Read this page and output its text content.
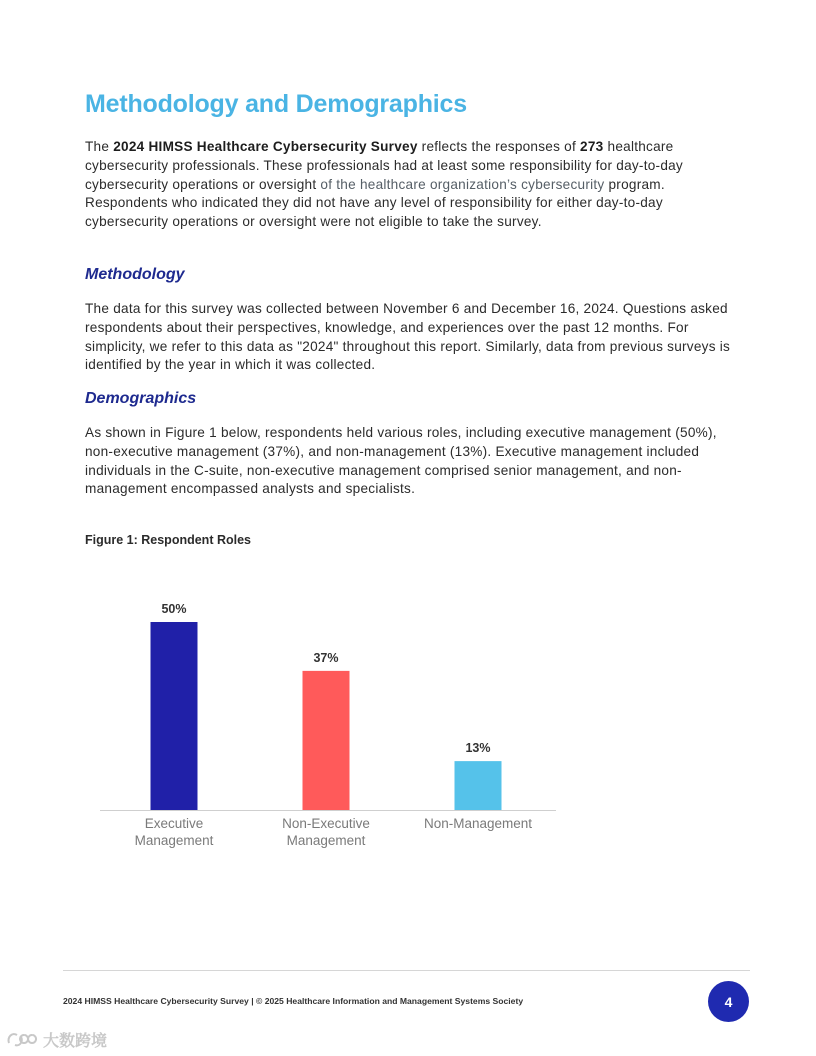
Methodology and Demographics

The 2024 HIMSS Healthcare Cybersecurity Survey reflects the responses of 273 healthcare cybersecurity professionals. These professionals had at least some responsibility for day-to-day cybersecurity operations or oversight of the healthcare organization’s cybersecurity program. Respondents who indicated they did not have any level of responsibility for either day-to-day cybersecurity operations or oversight were not eligible to take the survey.

Methodology

The data for this survey was collected between November 6 and December 16, 2024. Questions asked respondents about their perspectives, knowledge, and experiences over the past 12 months. For simplicity, we refer to this data as "2024" throughout this report. Similarly, data from previous surveys is identified by the year in which it was collected.

Demographics

As shown in Figure 1 below, respondents held various roles, including executive management (50%), non-executive management (37%), and non-management (13%). Executive management included individuals in the C-suite, non-executive management comprised senior management, and non-management encompassed analysts and specialists.

Figure 1: Respondent Roles

50%
Executive
Management
37%
Non-Executive
Management
13%
Non-Management
2024 HIMSS Healthcare Cybersecurity Survey | © 2025 Healthcare Information and Management Systems Society	4
大数跨境
